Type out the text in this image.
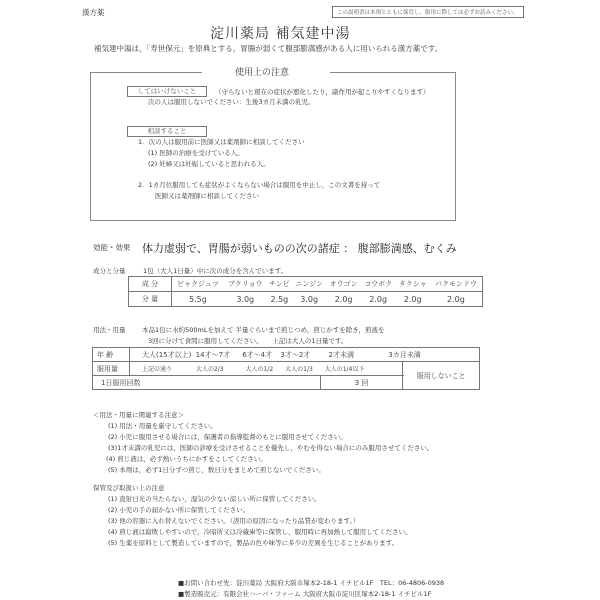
漢方薬	この説明書は本剤とともに保管し、服用に際しては必ずお読みください。
淀川薬局 補気建中湯
補気建中湯は，「寿世保元」を原典とする，胃腸が弱くて腹部膨満感がある人に用いられる漢方薬です。
使用上の注意
してはいけないこと	（守らないと現在の症状が悪化したり，副作用が起こりやすくなります）
次の人は服用しないでください：生後3カ月未満の乳児。
相談すること
1．次の人は服用前に医師又は薬剤師に相談してください
(1) 医師の治療を受けている人。
(2) 妊婦又は妊娠していると思われる人。
2．1カ月位服用しても症状がよくならない場合は服用を中止し，この文書を持って
医師又は薬剤師に相談してください
効能・効果 体力虚弱で、胃腸が弱いものの次の諸症 ： 腹部膨満感、むくみ
成分と分量	1包（大人1日量）中に次の成分を含んでいます。
成 分	ビャクジュツ	ブクリョウ	チンピ	ニンジン	オウゴン	コウボク	タクシャ	バクモンドウ
分 量	5.5g	3.0g	2.5g	3.0g	2.0g	2.0g	2.0g	2.0g
用法・用量	本品1包に水約500mLを加えて 半量ぐらいまで煎じつめ，煎じかすを除き，煎液を
3回に分けて食間に服用してください。　　上記は大人の1日量です。
年 齢	大人(15才以上) 14才〜7才 6才〜4才 3才〜2才 2才未満 3カ月未満		
服用量	上記の通り 大人の2/3 大人の1/2 大人の1/3 大人の1/4以下		服用しないこと
1日服用回数		3 回	
＜用法・用量に関連する注意＞
(1) 用法・用量を厳守してください。
(2) 小児に服用させる場合には，保護者の指導監督のもとに服用させてください。
(3)1才未満の乳児には，医師の診療を受けさせることを優先し，やむを得ない場合にのみ服用させてください。
(4) 煎じ液は，必ず熱いうちにかすをこしてください。
(5) 本剤は，必ず1日分ずつ煎じ，数日分をまとめて煎じないでください。
保管及び取扱い上の注意
(1) 直射日光の当たらない，湿気の少ない涼しい所に保管してください。
(2) 小児の手の届かない所に保管してください。
(3) 他の容器に入れ替えないでください。（誤用の原因になったり品質が変わります。）
(4) 煎じ液は腐敗しやすいので，冷暗所又は冷蔵庫等に保管し，服用時に再加熱して服用してください。
(5) 生薬を原料として製造していますので，製品の色や味等に多少の差異を生じることがあります。
■お問い合わせ先：淀川薬局 大阪府大阪市塚本2-18-1 イチビル1F　TEL：06-4806-0938
■製造販売元：有限会社ハーバ・ファーム 大阪府大阪市淀川区塚本2-18-1 イチビル1F
